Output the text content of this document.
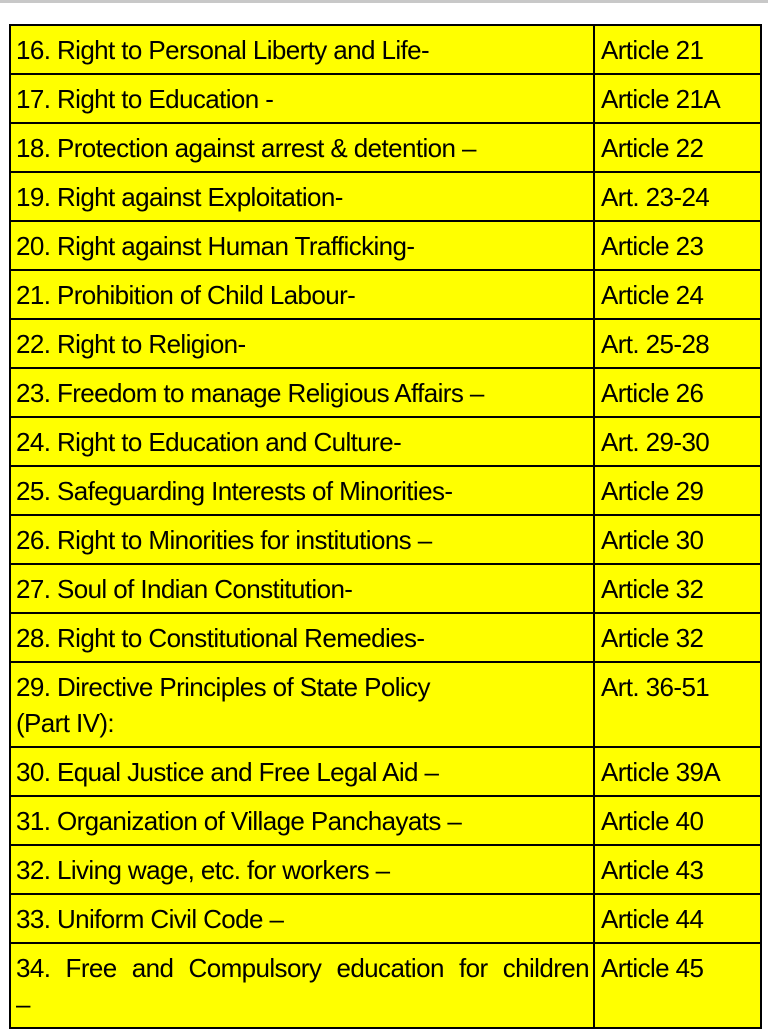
16. Right to Personal Liberty and Life-	Article 21
17. Right to Education -	Article 21A
18. Protection against arrest & detention –	Article 22
19. Right against Exploitation-	Art. 23-24
20. Right against Human Trafficking-	Article 23
21. Prohibition of Child Labour-	Article 24
22. Right to Religion-	Art. 25-28
23. Freedom to manage Religious Affairs –	Article 26
24. Right to Education and Culture-	Art. 29-30
25. Safeguarding Interests of Minorities-	Article 29
26. Right to Minorities for institutions –	Article 30
27. Soul of Indian Constitution-	Article 32
28. Right to Constitutional Remedies-	Article 32
29. Directive Principles of State Policy (Part IV):	Art. 36-51
30. Equal Justice and Free Legal Aid –	Article 39A
31. Organization of Village Panchayats –	Article 40
32. Living wage, etc. for workers –	Article 43
33. Uniform Civil Code –	Article 44
34. Free and Compulsory education for children –	Article 45
